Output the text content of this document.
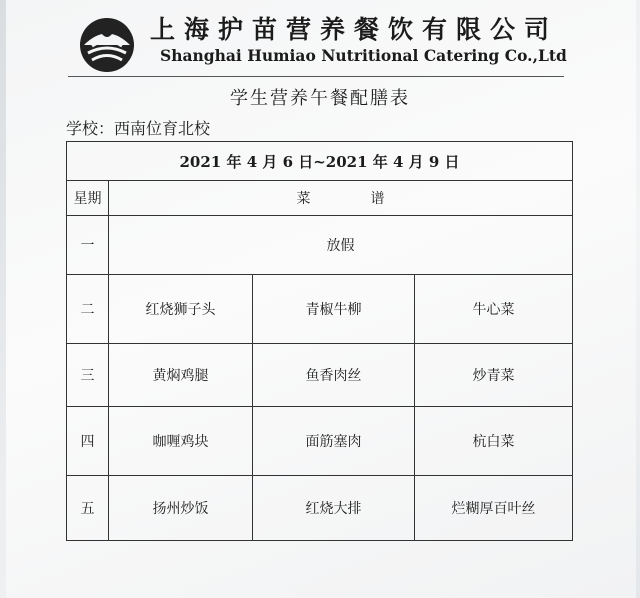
上海护苗营养餐饮有限公司
Shanghai Humiao Nutritional Catering Co.,Ltd
学生营养午餐配膳表
学校：西南位育北校
2021 年 4 月 6 日~2021 年 4 月 9 日			
星期	菜谱		
一	放假		
二	红烧狮子头	青椒牛柳	牛心菜
三	黄焖鸡腿	鱼香肉丝	炒青菜
四	咖喱鸡块	面筋塞肉	杭白菜
五	扬州炒饭	红烧大排	烂糊厚百叶丝
